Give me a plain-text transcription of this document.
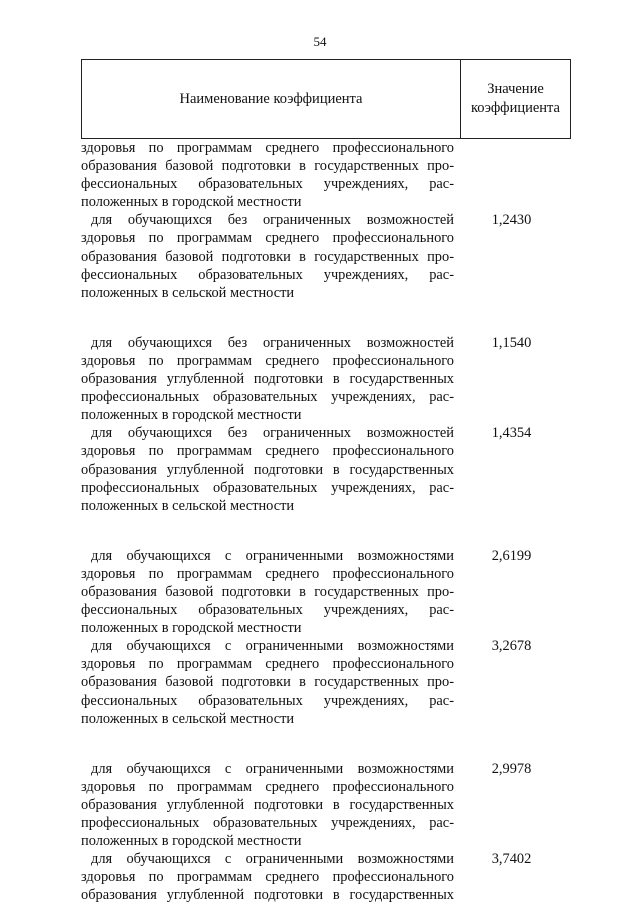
54
Наименование коэффициента
Значение
коэффициента
здоровья по программам среднего профессионального
образования базовой подготовки в государственных про-
фессиональных образовательных учреждениях, рас-
положенных в городской местности
для обучающихся без ограниченных возможностей
здоровья по программам среднего профессионального
образования базовой подготовки в государственных про-
фессиональных образовательных учреждениях, рас-
положенных в сельской местности
1,2430
для обучающихся без ограниченных возможностей
здоровья по программам среднего профессионального
образования углубленной подготовки в государственных
профессиональных образовательных учреждениях, рас-
положенных в городской местности
1,1540
для обучающихся без ограниченных возможностей
здоровья по программам среднего профессионального
образования углубленной подготовки в государственных
профессиональных образовательных учреждениях, рас-
положенных в сельской местности
1,4354
для обучающихся с ограниченными возможностями
здоровья по программам среднего профессионального
образования базовой подготовки в государственных про-
фессиональных образовательных учреждениях, рас-
положенных в городской местности
2,6199
для обучающихся с ограниченными возможностями
здоровья по программам среднего профессионального
образования базовой подготовки в государственных про-
фессиональных образовательных учреждениях, рас-
положенных в сельской местности
3,2678
для обучающихся с ограниченными возможностями
здоровья по программам среднего профессионального
образования углубленной подготовки в государственных
профессиональных образовательных учреждениях, рас-
положенных в городской местности
2,9978
для обучающихся с ограниченными возможностями
здоровья по программам среднего профессионального
образования углубленной подготовки в государственных
3,7402
